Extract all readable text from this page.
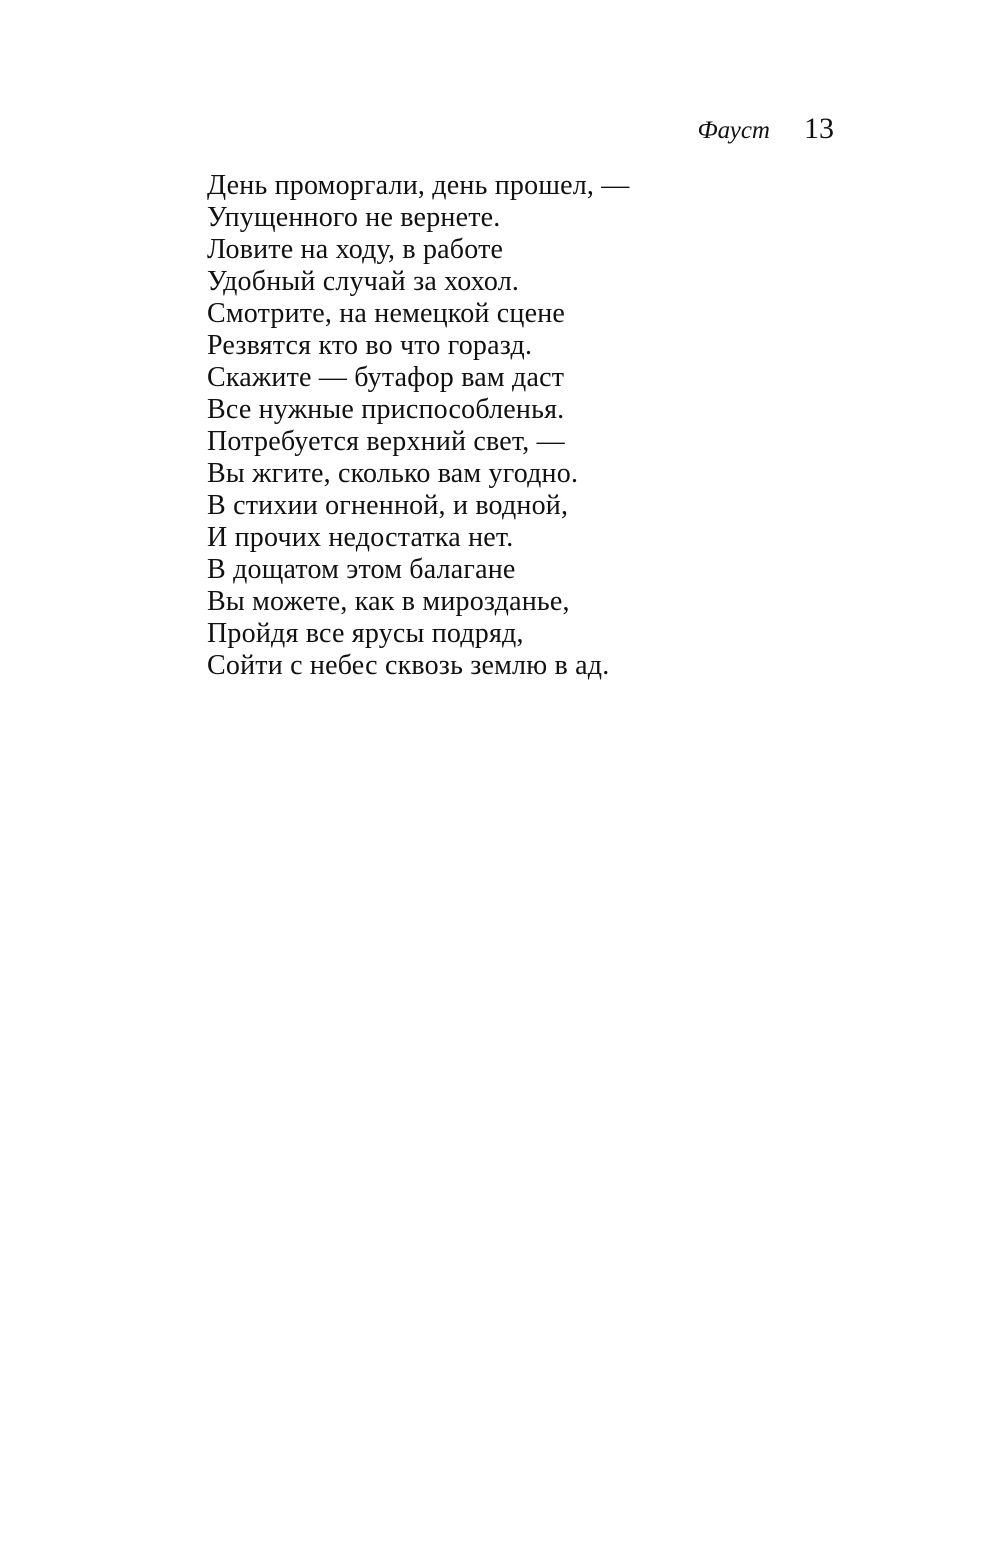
Фауст 13
День проморгали, день прошел, —
Упущенного не вернете.
Ловите на ходу, в работе
Удобный случай за хохол.
Смотрите, на немецкой сцене
Резвятся кто во что горазд.
Скажите — бутафор вам даст
Все нужные приспособленья.
Потребуется верхний свет, —
Вы жгите, сколько вам угодно.
В стихии огненной, и водной,
И прочих недостатка нет.
В дощатом этом балагане
Вы можете, как в мирозданье,
Пройдя все ярусы подряд,
Сойти с небес сквозь землю в ад.
